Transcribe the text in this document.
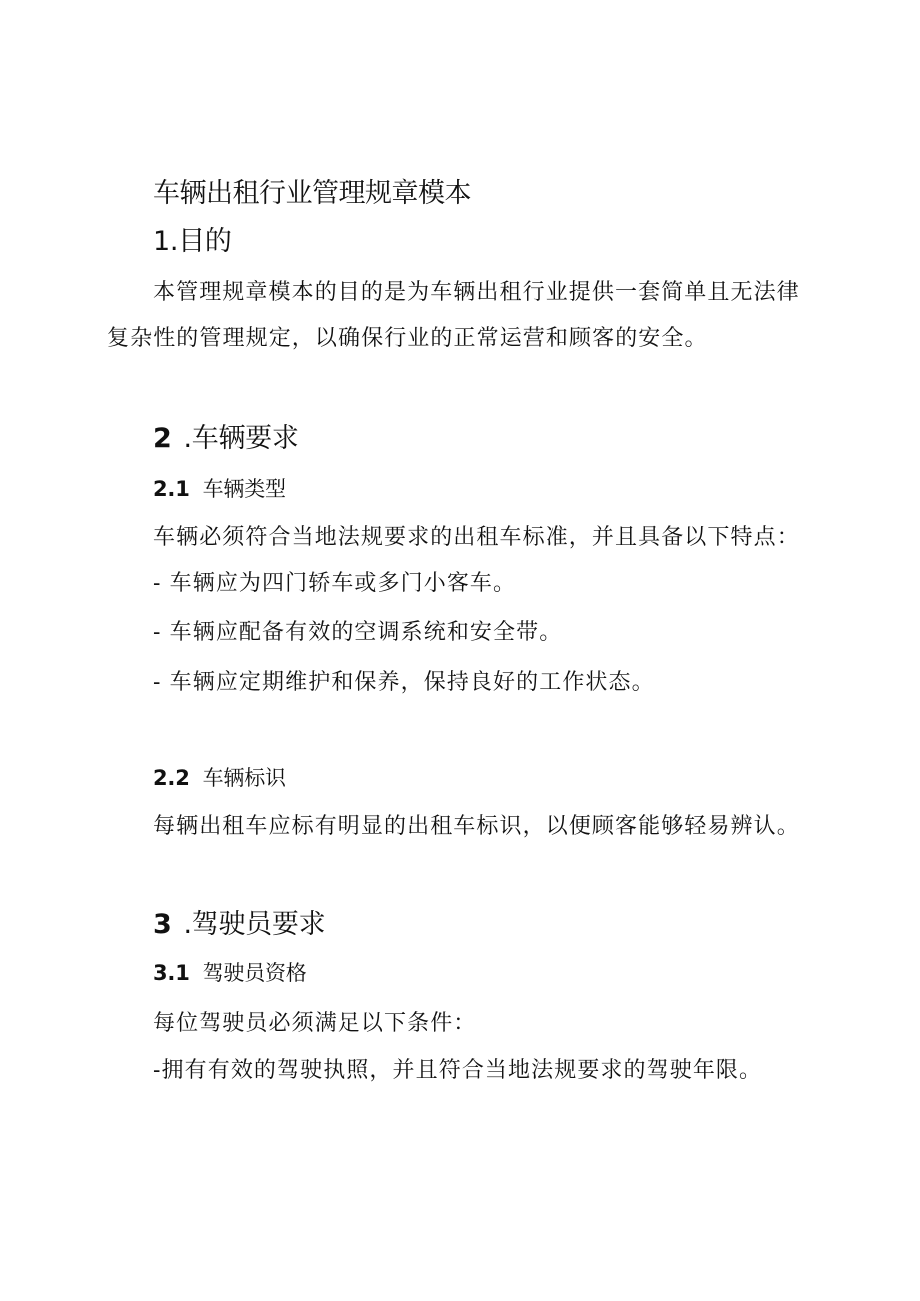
车辆出租行业管理规章模本
1.目的
本管理规章模本的目的是为车辆出租行业提供一套简单且无法律
复杂性的管理规定，以确保行业的正常运营和顾客的安全。
2 .车辆要求
2.1 车辆类型
车辆必须符合当地法规要求的出租车标准，并且具备以下特点：
- 车辆应为四门轿车或多门小客车。
- 车辆应配备有效的空调系统和安全带。
- 车辆应定期维护和保养，保持良好的工作状态。
2.2 车辆标识
每辆出租车应标有明显的出租车标识，以便顾客能够轻易辨认。
3 .驾驶员要求
3.1 驾驶员资格
每位驾驶员必须满足以下条件：
-拥有有效的驾驶执照，并且符合当地法规要求的驾驶年限。
